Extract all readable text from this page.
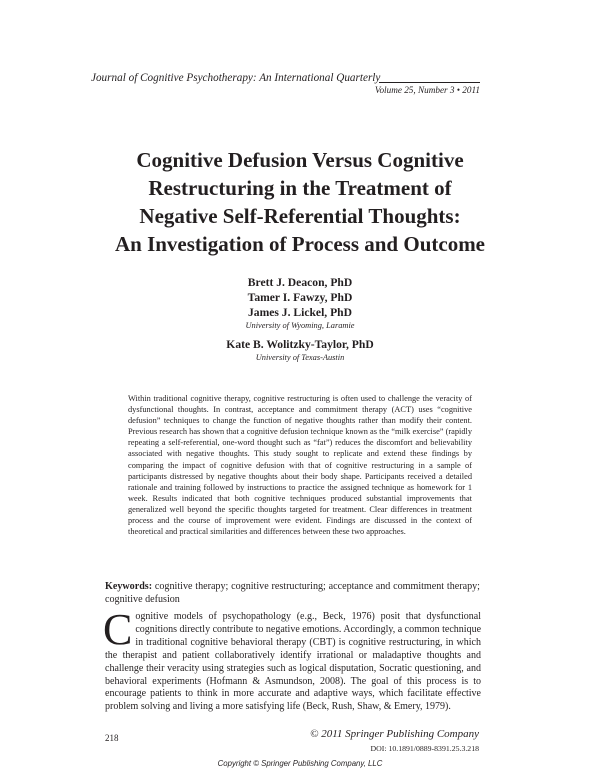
Journal of Cognitive Psychotherapy: An International Quarterly
Volume 25, Number 3 • 2011
Cognitive Defusion Versus Cognitive
Restructuring in the Treatment of
Negative Self-Referential Thoughts:
An Investigation of Process and Outcome
Brett J. Deacon, PhD
Tamer I. Fawzy, PhD
James J. Lickel, PhD
University of Wyoming, Laramie
Kate B. Wolitzky-Taylor, PhD
University of Texas-Austin

Within traditional cognitive therapy, cognitive restructuring is often used to challenge the veracity of dysfunctional thoughts. In contrast, acceptance and commitment therapy (ACT) uses “cognitive defusion” techniques to change the function of negative thoughts rather than modify their content. Previous research has shown that a cognitive defusion technique known as the “milk exercise” (rapidly repeating a self-referential, one-word thought such as “fat”) reduces the discomfort and believability associated with negative thoughts. This study sought to replicate and extend these findings by comparing the impact of cognitive defusion with that of cognitive restructuring in a sample of participants distressed by negative thoughts about their body shape. Participants received a detailed rationale and training followed by instructions to practice the assigned technique as homework for 1 week. Results indicated that both cognitive techniques produced substantial improvements that generalized well beyond the specific thoughts targeted for treatment. Clear differences in treatment process and the course of improvement were evident. Findings are discussed in the context of theoretical and practical similarities and differences between these two approaches.

Keywords: cognitive therapy; cognitive restructuring; acceptance and commitment therapy; cognitive defusion

Cognitive models of psychopathology (e.g., Beck, 1976) posit that dysfunctional cognitions directly contribute to negative emotions. Accordingly, a common technique in traditional cognitive behavioral therapy (CBT) is cognitive restructuring, in which the therapist and patient collaboratively identify irrational or maladaptive thoughts and challenge their veracity using strategies such as logical disputation, Socratic questioning, and behavioral experiments (Hofmann & Asmundson, 2008). The goal of this process is to encourage patients to think in more accurate and adaptive ways, which facilitate effective problem solving and living a more satisfying life (Beck, Rush, Shaw, & Emery, 1979).

218	© 2011 Springer Publishing Company
DOI: 10.1891/0889-8391.25.3.218
Copyright © Springer Publishing Company, LLC
